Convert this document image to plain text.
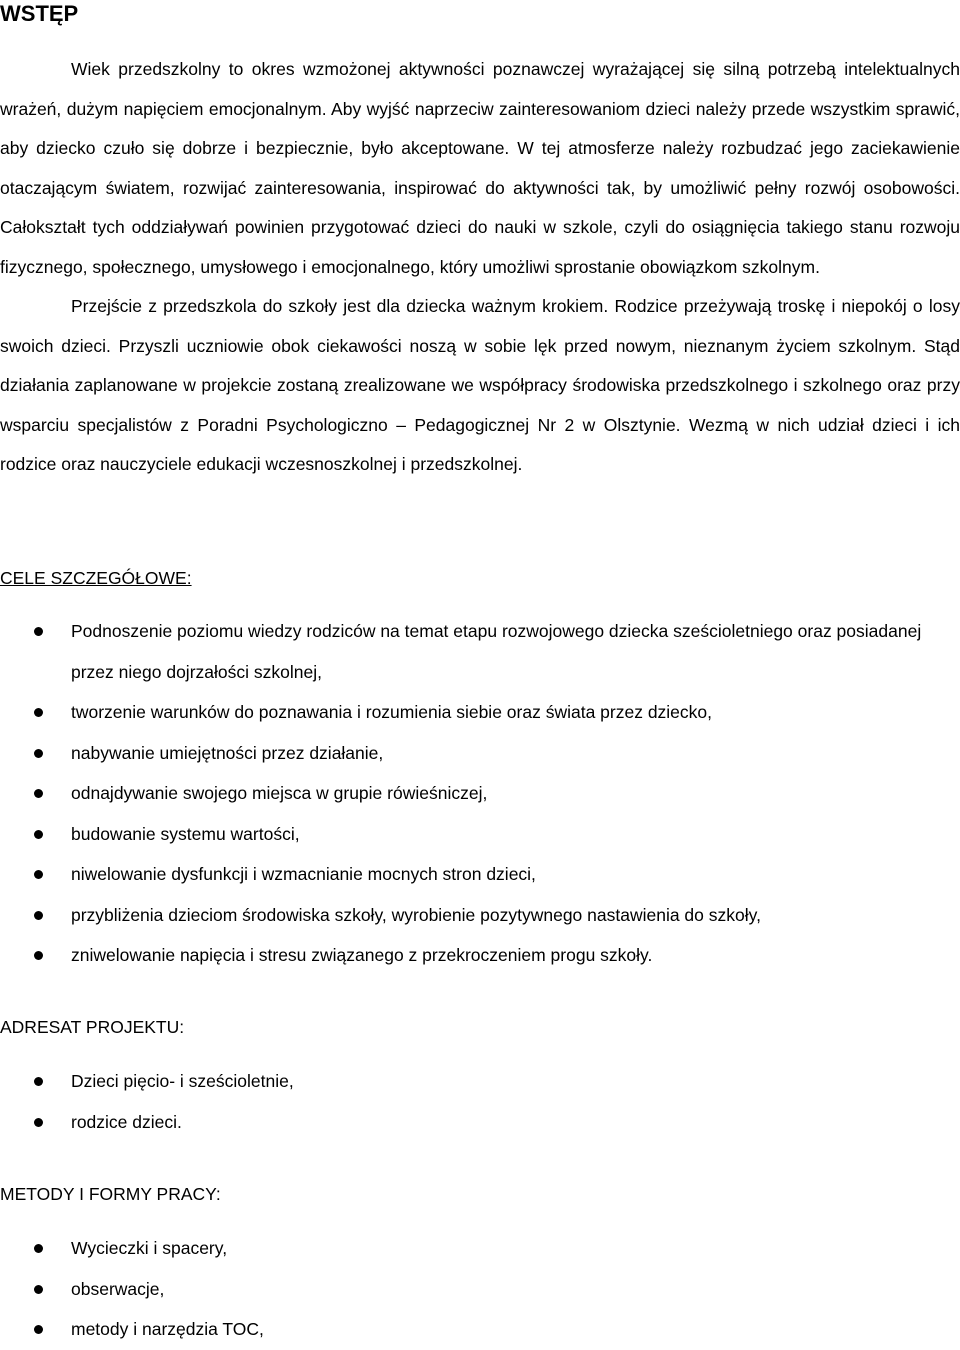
WSTĘP

Wiek przedszkolny to okres wzmożonej aktywności poznawczej wyrażającej się silną potrzebą intelektualnych wrażeń, dużym napięciem emocjonalnym. Aby wyjść naprzeciw zainteresowaniom dzieci należy przede wszystkim sprawić, aby dziecko czuło się dobrze i bezpiecznie, było akceptowane. W tej atmosferze należy rozbudzać jego zaciekawienie otaczającym światem, rozwijać zainteresowania, inspirować do aktywności tak, by umożliwić pełny rozwój osobowości. Całokształt tych oddziaływań powinien przygotować dzieci do nauki w szkole, czyli do osiągnięcia takiego stanu rozwoju fizycznego, społecznego, umysłowego i emocjonalnego, który umożliwi sprostanie obowiązkom szkolnym.

Przejście z przedszkola do szkoły jest dla dziecka ważnym krokiem. Rodzice przeżywają troskę i niepokój o losy swoich dzieci. Przyszli uczniowie obok ciekawości noszą w sobie lęk przed nowym, nieznanym życiem szkolnym. Stąd działania zaplanowane w projekcie zostaną zrealizowane we współpracy środowiska przedszkolnego i szkolnego oraz przy wsparciu specjalistów z Poradni Psychologiczno – Pedagogicznej Nr 2 w Olsztynie. Wezmą w nich udział dzieci i ich rodzice oraz nauczyciele edukacji wczesnoszkolnej i przedszkolnej.

CELE SZCZEGÓŁOWE:
Podnoszenie poziomu wiedzy rodziców na temat etapu rozwojowego dziecka sześcioletniego oraz posiadanej przez niego dojrzałości szkolnej,
tworzenie warunków do poznawania i rozumienia siebie oraz świata przez dziecko,
nabywanie umiejętności przez działanie,
odnajdywanie swojego miejsca w grupie rówieśniczej,
budowanie systemu wartości,
niwelowanie dysfunkcji i wzmacnianie mocnych stron dzieci,
przybliżenia dzieciom środowiska szkoły, wyrobienie pozytywnego nastawienia do szkoły,
zniwelowanie napięcia i stresu związanego z przekroczeniem progu szkoły.
ADRESAT PROJEKTU:
Dzieci pięcio- i sześcioletnie,
rodzice dzieci.
METODY I FORMY PRACY:
Wycieczki i spacery,
obserwacje,
metody i narzędzia TOC,
